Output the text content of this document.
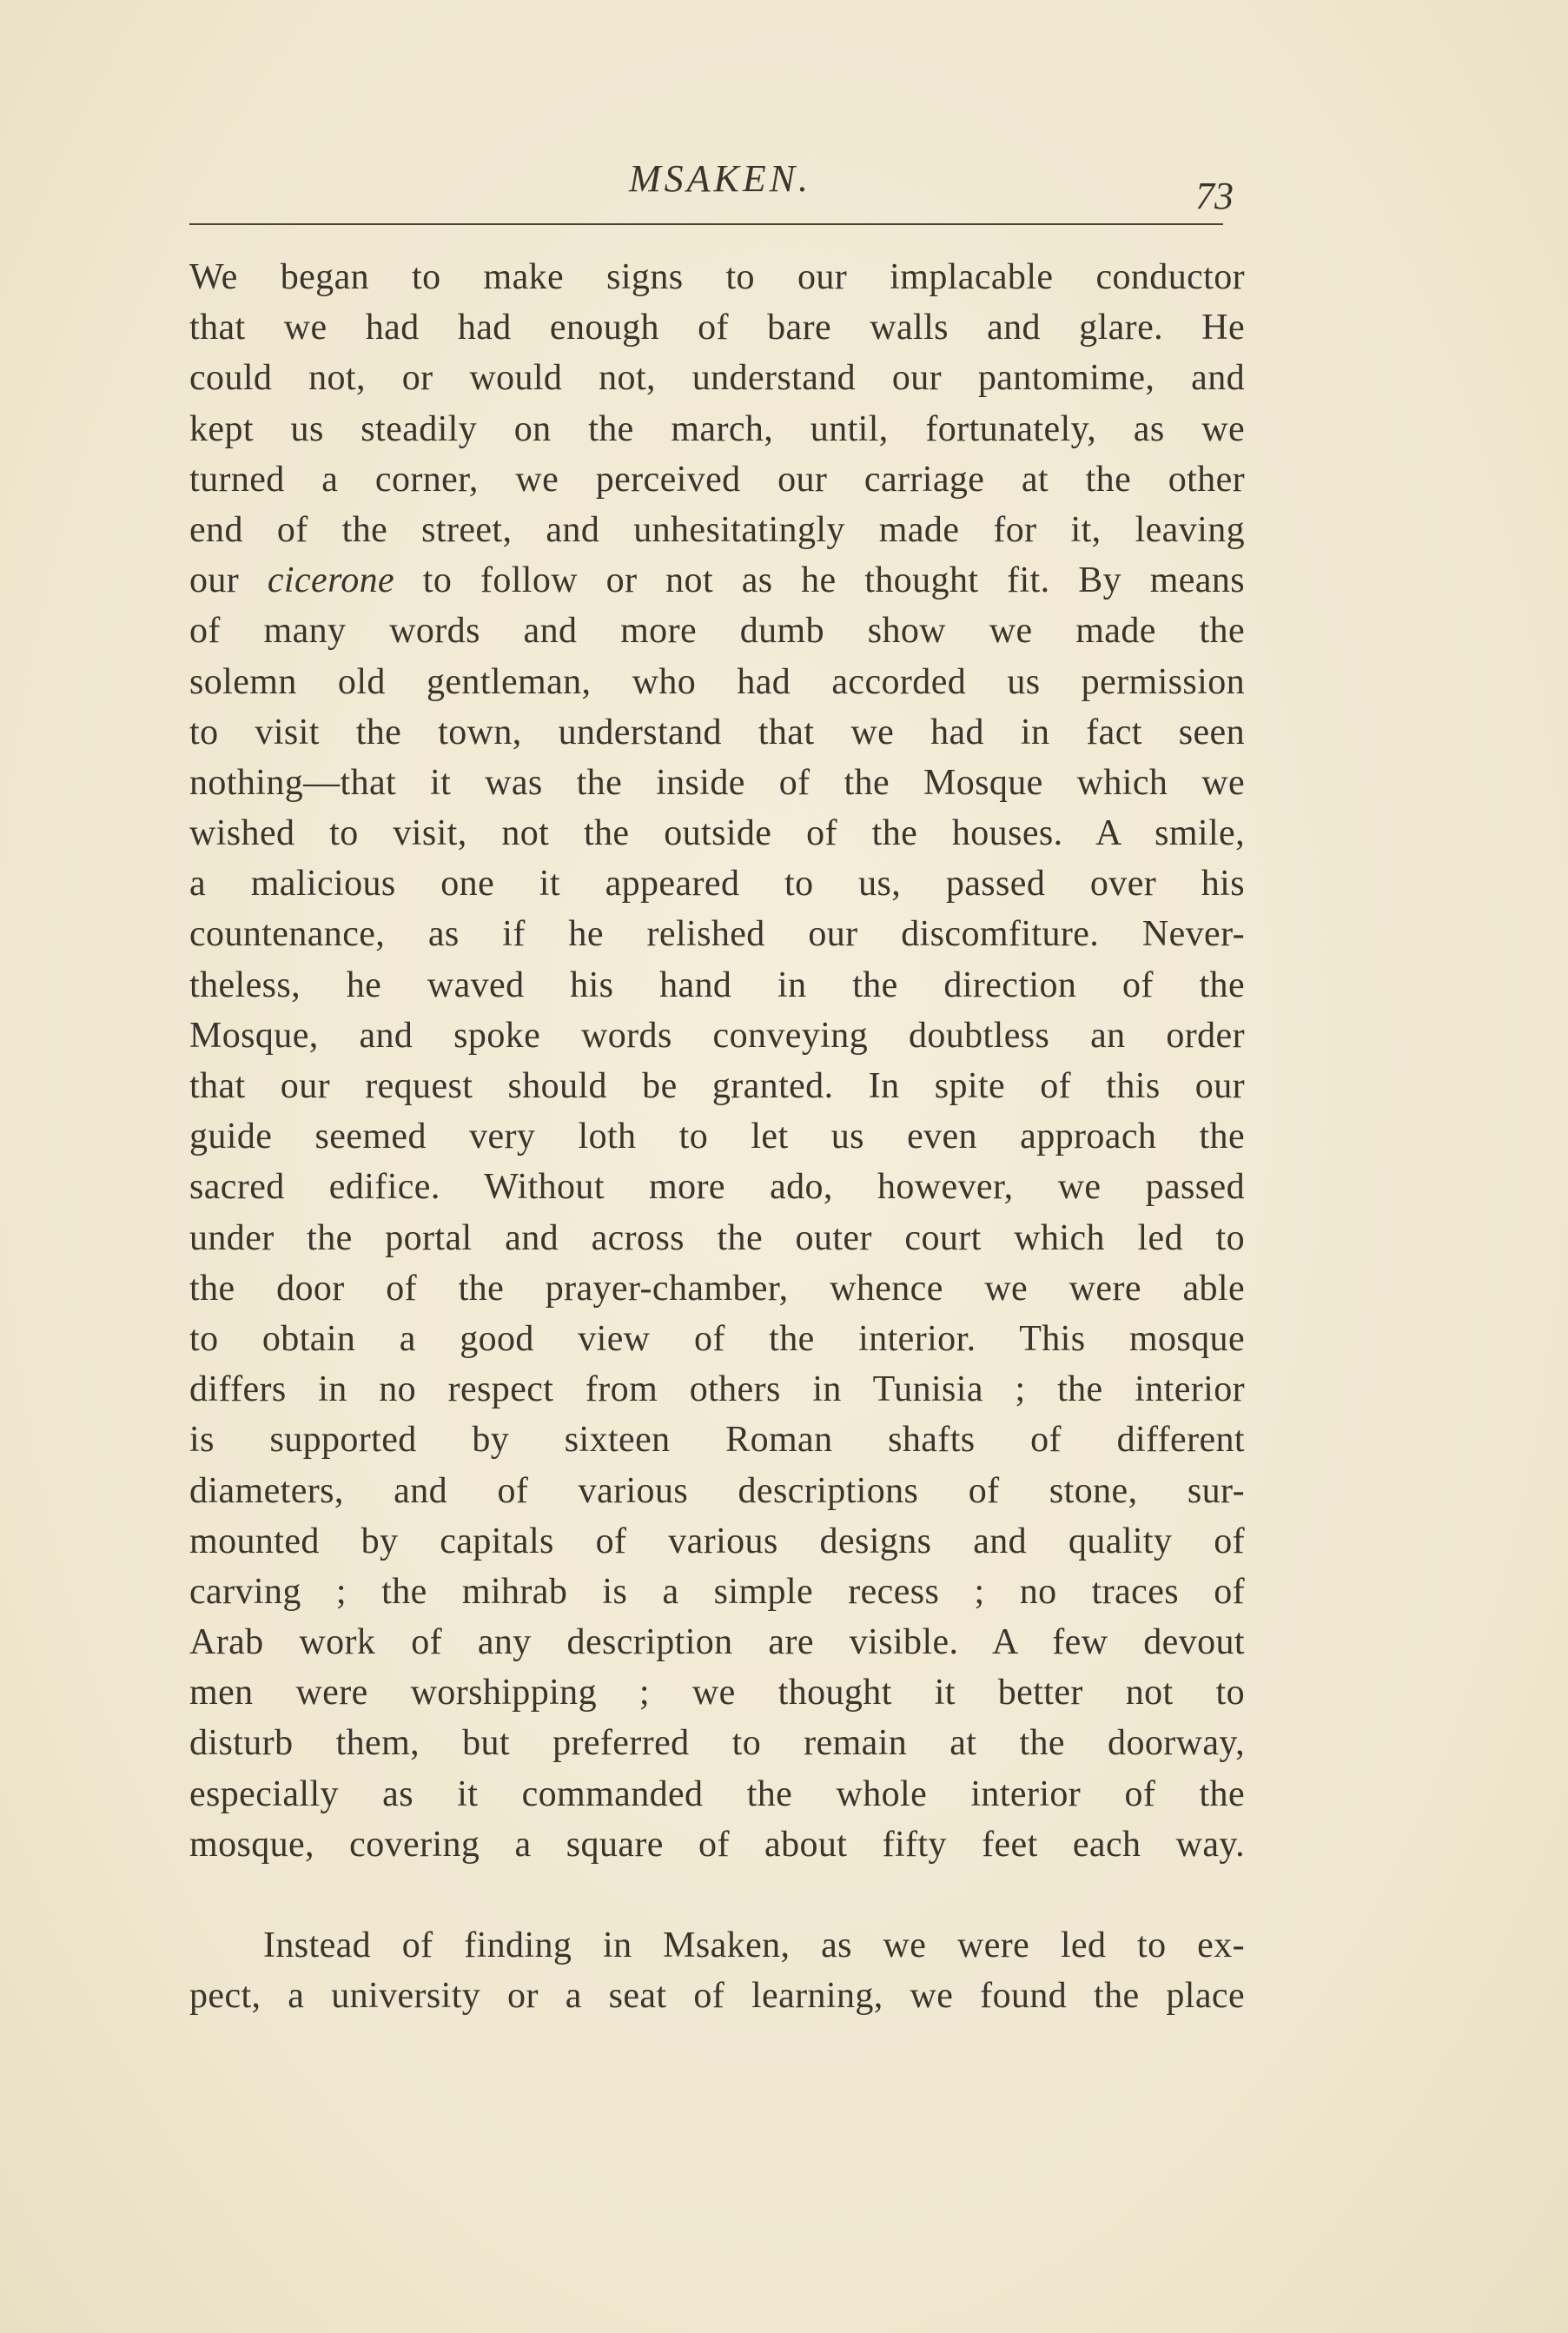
MSAKEN.	73
We began to make signs to our implacable conductor
that we had had enough of bare walls and glare. He
could not, or would not, understand our pantomime, and
kept us steadily on the march, until, fortunately, as we
turned a corner, we perceived our carriage at the other
end of the street, and unhesitatingly made for it, leaving
our cicerone to follow or not as he thought fit. By means
of many words and more dumb show we made the
solemn old gentleman, who had accorded us permission
to visit the town, understand that we had in fact seen
nothing—that it was the inside of the Mosque which we
wished to visit, not the outside of the houses. A smile,
a malicious one it appeared to us, passed over his
countenance, as if he relished our discomfiture. Never-
theless, he waved his hand in the direction of the
Mosque, and spoke words conveying doubtless an order
that our request should be granted. In spite of this our
guide seemed very loth to let us even approach the
sacred edifice. Without more ado, however, we passed
under the portal and across the outer court which led to
the door of the prayer-chamber, whence we were able
to obtain a good view of the interior. This mosque
differs in no respect from others in Tunisia ; the interior
is supported by sixteen Roman shafts of different
diameters, and of various descriptions of stone, sur-
mounted by capitals of various designs and quality of
carving ; the mihrab is a simple recess ; no traces of
Arab work of any description are visible. A few devout
men were worshipping ; we thought it better not to
disturb them, but preferred to remain at the doorway,
especially as it commanded the whole interior of the
mosque, covering a square of about fifty feet each way.
Instead of finding in Msaken, as we were led to ex-
pect, a university or a seat of learning, we found the place
